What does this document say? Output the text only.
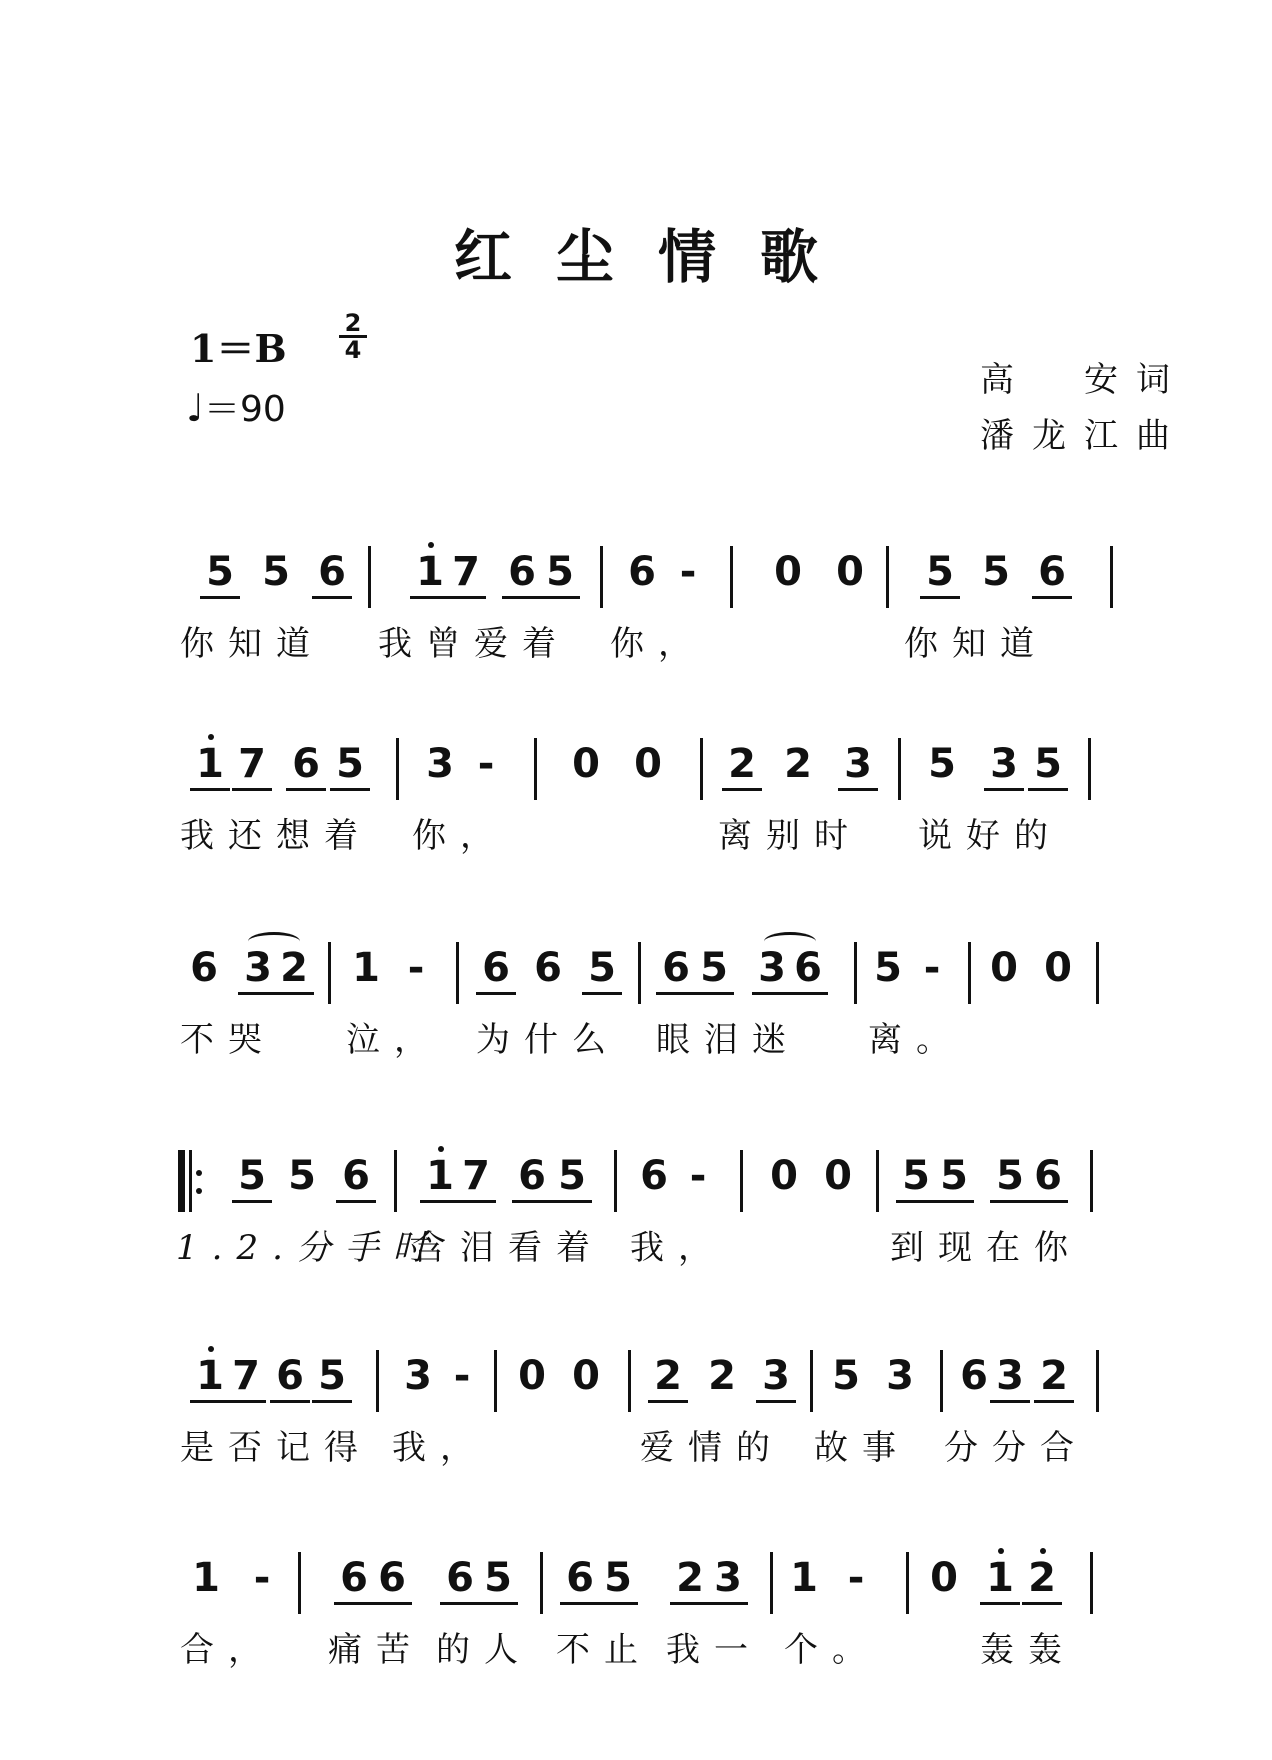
红尘情歌
1＝B
2
4
♩＝90
高　安词
潘龙江曲
5 5 6 1 7 6 5 6 - 0 0 5 5 6
你知道 我曾爱着 你，	你知道
1 7 6 5 3 - 0 0 2 2 3 5 3 5
我还想着 你，	离别时 说好的
6 3 2 1 - 6 6 5 6 5 3 6 5 - 0 0
不哭 泣， 为什么 眼泪迷 离。
5 5 6 1 7 6 5 6 - 0 0 5 5 5 6
1.2.分手时
含泪看着 我，	到现在你
1 7 6 5 3 - 0 0 2 2 3 5 3 6 3 2
是否记得 我，	爱情的 故事 分分合
1 - 6 6 6 5 6 5 2 3 1 - 0 1 2
合， 痛苦 的人 不止 我一 个。	轰轰
